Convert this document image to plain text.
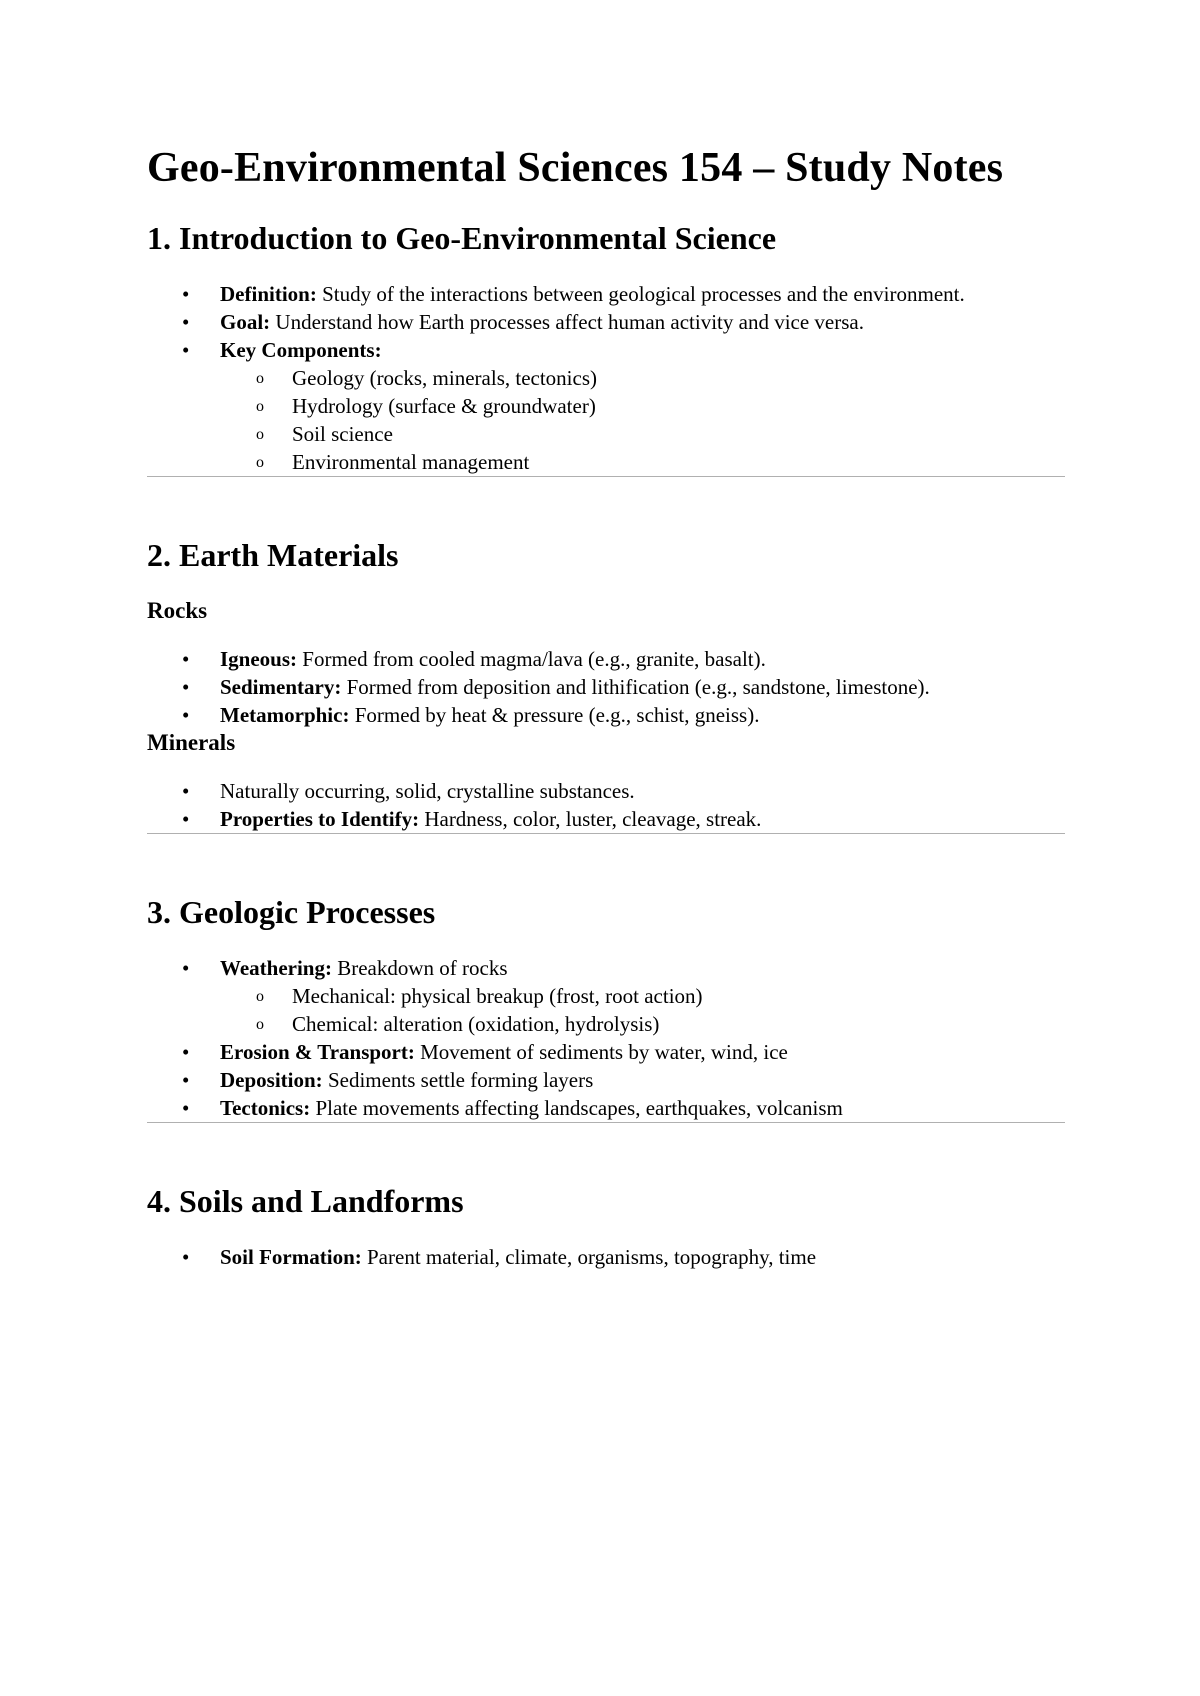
Geo-Environmental Sciences 154 – Study Notes
1. Introduction to Geo-Environmental Science
• Definition: Study of the interactions between geological processes and the environment.
• Goal: Understand how Earth processes affect human activity and vice versa.
• Key Components:
o Geology (rocks, minerals, tectonics)
o Hydrology (surface & groundwater)
o Soil science
o Environmental management
2. Earth Materials
Rocks
• Igneous: Formed from cooled magma/lava (e.g., granite, basalt).
• Sedimentary: Formed from deposition and lithification (e.g., sandstone, limestone).
• Metamorphic: Formed by heat & pressure (e.g., schist, gneiss).
Minerals
• Naturally occurring, solid, crystalline substances.
• Properties to Identify: Hardness, color, luster, cleavage, streak.
3. Geologic Processes
• Weathering: Breakdown of rocks
o Mechanical: physical breakup (frost, root action)
o Chemical: alteration (oxidation, hydrolysis)
• Erosion & Transport: Movement of sediments by water, wind, ice
• Deposition: Sediments settle forming layers
• Tectonics: Plate movements affecting landscapes, earthquakes, volcanism
4. Soils and Landforms
• Soil Formation: Parent material, climate, organisms, topography, time
